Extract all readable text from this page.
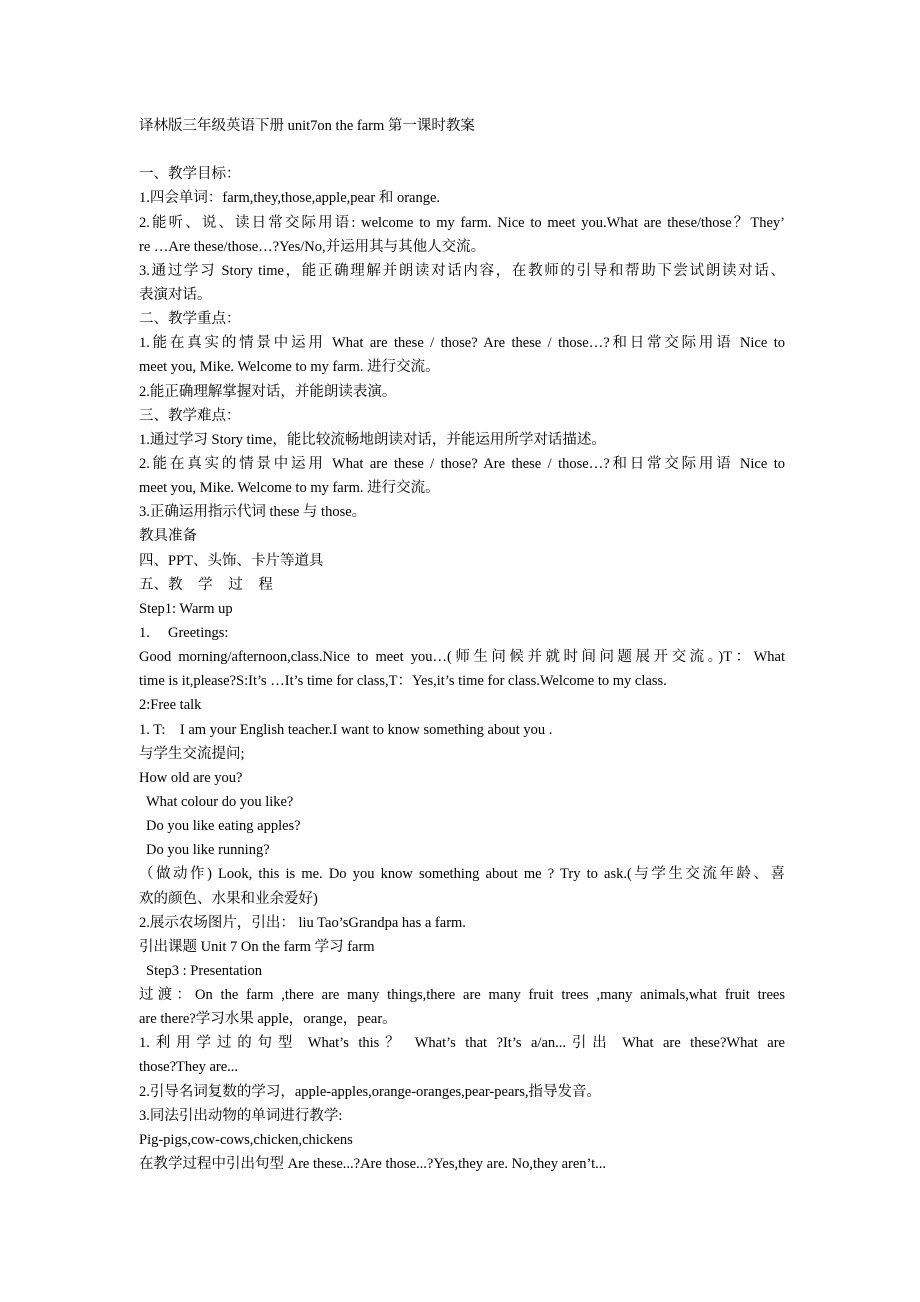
译林版三年级英语下册 unit7on the farm 第一课时教案
一、教学目标：
1.四会单词：farm,they,those,apple,pear 和 orange.
2.能听、说、读日常交际用语: welcome to my farm. Nice to meet you.What are these/those？They’
re …Are these/those…?Yes/No,并运用其与其他人交流。
3.通过学习 Story time，能正确理解并朗读对话内容，在教师的引导和帮助下尝试朗读对话、
表演对话。
二、教学重点：
1.能在真实的情景中运用 What are these / those? Are these / those…?和日常交际用语 Nice to
meet you, Mike. Welcome to my farm. 进行交流。
2.能正确理解掌握对话，并能朗读表演。
三、教学难点：
1.通过学习 Story time，能比较流畅地朗读对话，并能运用所学对话描述。
2.能在真实的情景中运用 What are these / those? Are these / those…?和日常交际用语 Nice to
meet you, Mike. Welcome to my farm. 进行交流。
3.正确运用指示代词 these 与 those。
教具准备
四、PPT、头饰、卡片等道具
五、教 学 过 程
Step1: Warm up
1.     Greetings:
Good morning/afternoon,class.Nice to meet you…(师生问候并就时间问题展开交流。)T：What
time is it,please?S:It’s …It’s time for class,T：Yes,it’s time for class.Welcome to my class.
2:Free talk
1. T:    I am your English teacher.I want to know something about you .
与学生交流提问;
How old are you?
What colour do you like?
Do you like eating apples?
Do you like running?
（做动作) Look, this is me. Do you know something about me ? Try to ask.(与学生交流年龄、喜
欢的颜色、水果和业余爱好)
2.展示农场图片，引出： liu Tao’sGrandpa has a farm.
引出课题 Unit 7 On the farm 学习 farm
Step3 : Presentation
过渡：On the farm ,there are many things,there are many fruit trees ,many animals,what fruit trees
are there?学习水果 apple，orange，pear。
1.利用学过的句型 What’s this？ What’s that ?It’s a/an...引出 What are these?What are
those?They are...
2.引导名词复数的学习，apple-apples,orange-oranges,pear-pears,指导发音。
3.同法引出动物的单词进行教学:
Pig-pigs,cow-cows,chicken,chickens
在教学过程中引出句型 Are these...?Are those...?Yes,they are. No,they aren’t...
